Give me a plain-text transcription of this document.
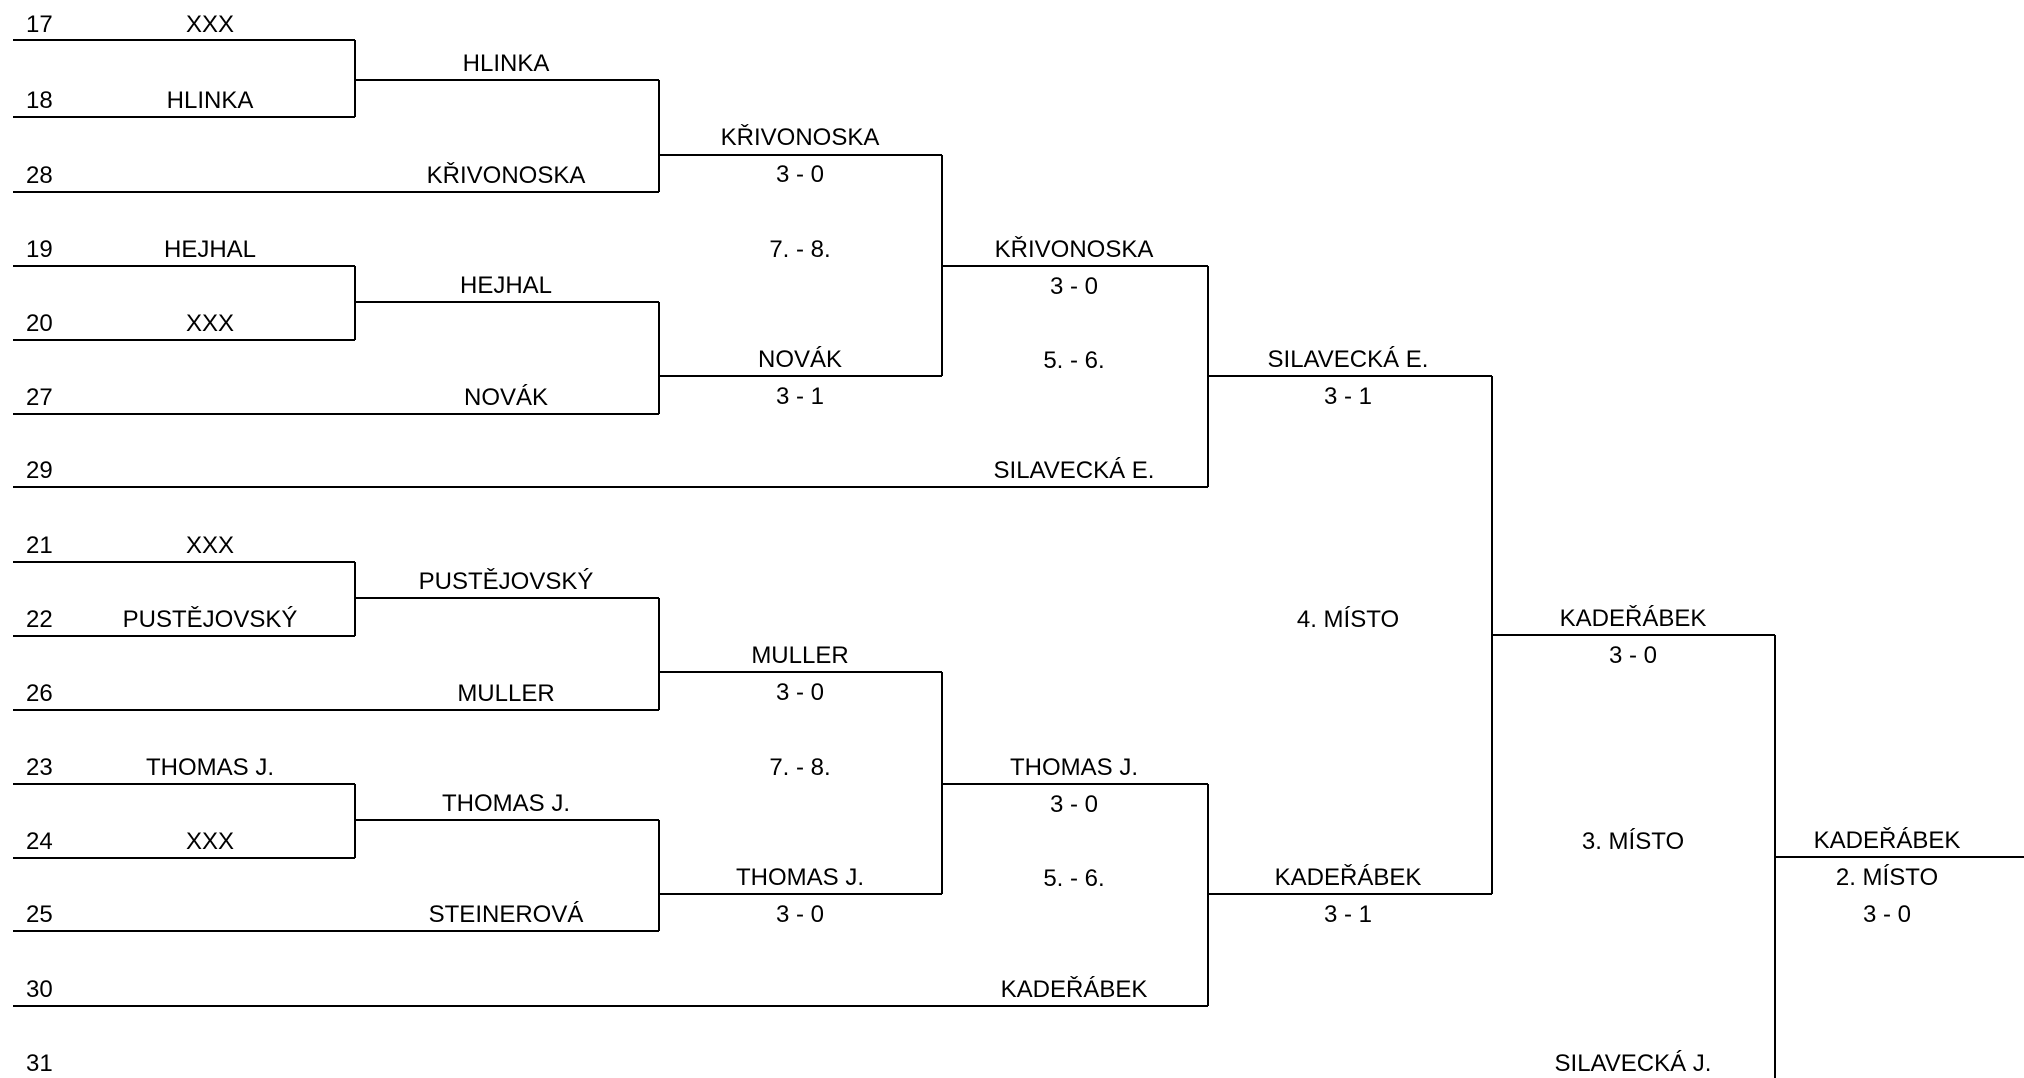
17
18
28
19
20
27
29
21
22
26
23
24
25
30
31
XXX
HLINKA
HEJHAL
XXX
XXX
PUSTĚJOVSKÝ
THOMAS J.
XXX
HLINKA
KŘIVONOSKA
HEJHAL
NOVÁK
PUSTĚJOVSKÝ
MULLER
THOMAS J.
STEINEROVÁ
KŘIVONOSKA
3 - 0
7. - 8.
NOVÁK
3 - 1
MULLER
3 - 0
7. - 8.
THOMAS J.
3 - 0
KŘIVONOSKA
3 - 0
5. - 6.
SILAVECKÁ E.
THOMAS J.
3 - 0
5. - 6.
KADEŘÁBEK
SILAVECKÁ E.
3 - 1
4. MÍSTO
KADEŘÁBEK
3 - 1
KADEŘÁBEK
3 - 0
3. MÍSTO
SILAVECKÁ J.
KADEŘÁBEK
2. MÍSTO
3 - 0
